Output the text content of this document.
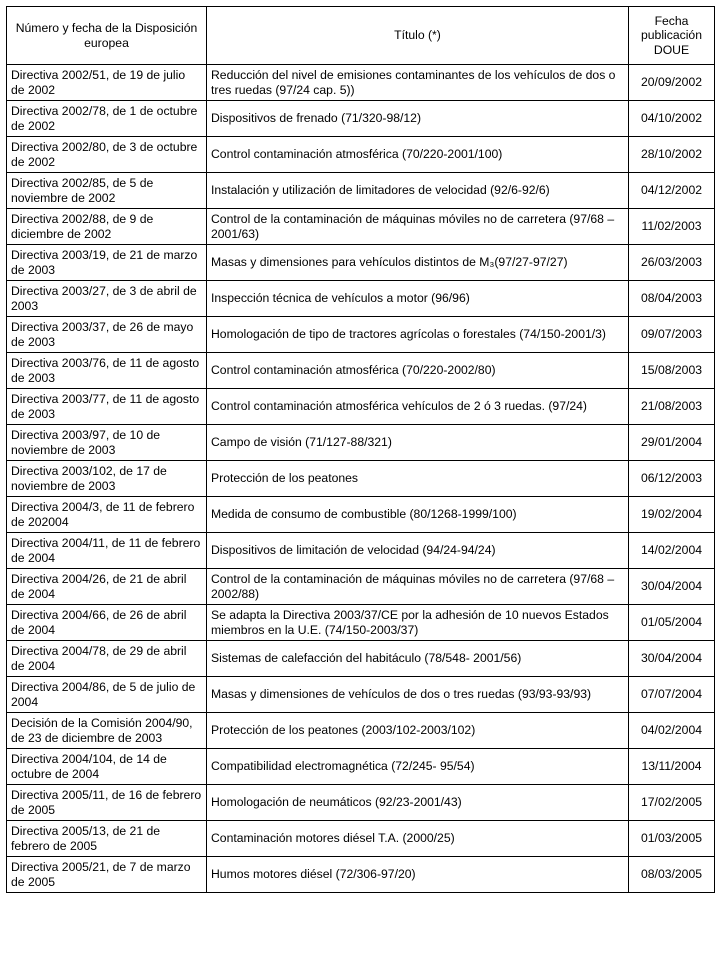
Número y fecha de la Disposición europea	Título (*)	Fecha publicación DOUE
Directiva 2002/51, de 19 de julio de 2002	Reducción del nivel de emisiones contaminantes de los vehículos de dos o tres ruedas (97/24 cap. 5))	20/09/2002
Directiva 2002/78, de 1 de octubre de 2002	Dispositivos de frenado (71/320-98/12)	04/10/2002
Directiva 2002/80, de 3 de octubre de 2002	Control contaminación atmosférica (70/220-2001/100)	28/10/2002
Directiva 2002/85, de 5 de noviembre de 2002	Instalación y utilización de limitadores de velocidad (92/6-92/6)	04/12/2002
Directiva 2002/88, de 9 de diciembre de 2002	Control de la contaminación de máquinas móviles no de carretera (97/68 – 2001/63)	11/02/2003
Directiva 2003/19, de 21 de marzo de 2003	Masas y dimensiones para vehículos distintos de M₃(97/27-97/27)	26/03/2003
Directiva 2003/27, de 3 de abril de 2003	Inspección técnica de vehículos a motor (96/96)	08/04/2003
Directiva 2003/37, de 26 de mayo de 2003	Homologación de tipo de tractores agrícolas o forestales (74/150-2001/3)	09/07/2003
Directiva 2003/76, de 11 de agosto de 2003	Control contaminación atmosférica (70/220-2002/80)	15/08/2003
Directiva 2003/77, de 11 de agosto de 2003	Control contaminación atmosférica vehículos de 2 ó 3 ruedas. (97/24)	21/08/2003
Directiva 2003/97, de 10 de noviembre de 2003	Campo de visión (71/127-88/321)	29/01/2004
Directiva 2003/102, de 17 de noviembre de 2003	Protección de los peatones	06/12/2003
Directiva 2004/3, de 11 de febrero de 202004	Medida de consumo de combustible (80/1268-1999/100)	19/02/2004
Directiva 2004/11, de 11 de febrero de 2004	Dispositivos de limitación de velocidad (94/24-94/24)	14/02/2004
Directiva 2004/26, de 21 de abril de 2004	Control de la contaminación de máquinas móviles no de carretera (97/68 – 2002/88)	30/04/2004
Directiva 2004/66, de 26 de abril de 2004	Se adapta la Directiva 2003/37/CE por la adhesión de 10 nuevos Estados miembros en la U.E. (74/150-2003/37)	01/05/2004
Directiva 2004/78, de 29 de abril de 2004	Sistemas de calefacción del habitáculo (78/548- 2001/56)	30/04/2004
Directiva 2004/86, de 5 de julio de 2004	Masas y dimensiones de vehículos de dos o tres ruedas (93/93-93/93)	07/07/2004
Decisión de la Comisión 2004/90, de 23 de diciembre de 2003	Protección de los peatones (2003/102-2003/102)	04/02/2004
Directiva 2004/104, de 14 de octubre de 2004	Compatibilidad electromagnética (72/245- 95/54)	13/11/2004
Directiva 2005/11, de 16 de febrero de 2005	Homologación de neumáticos (92/23-2001/43)	17/02/2005
Directiva 2005/13, de 21 de febrero de 2005	Contaminación motores diésel T.A. (2000/25)	01/03/2005
Directiva 2005/21, de 7 de marzo de 2005	Humos motores diésel (72/306-97/20)	08/03/2005
